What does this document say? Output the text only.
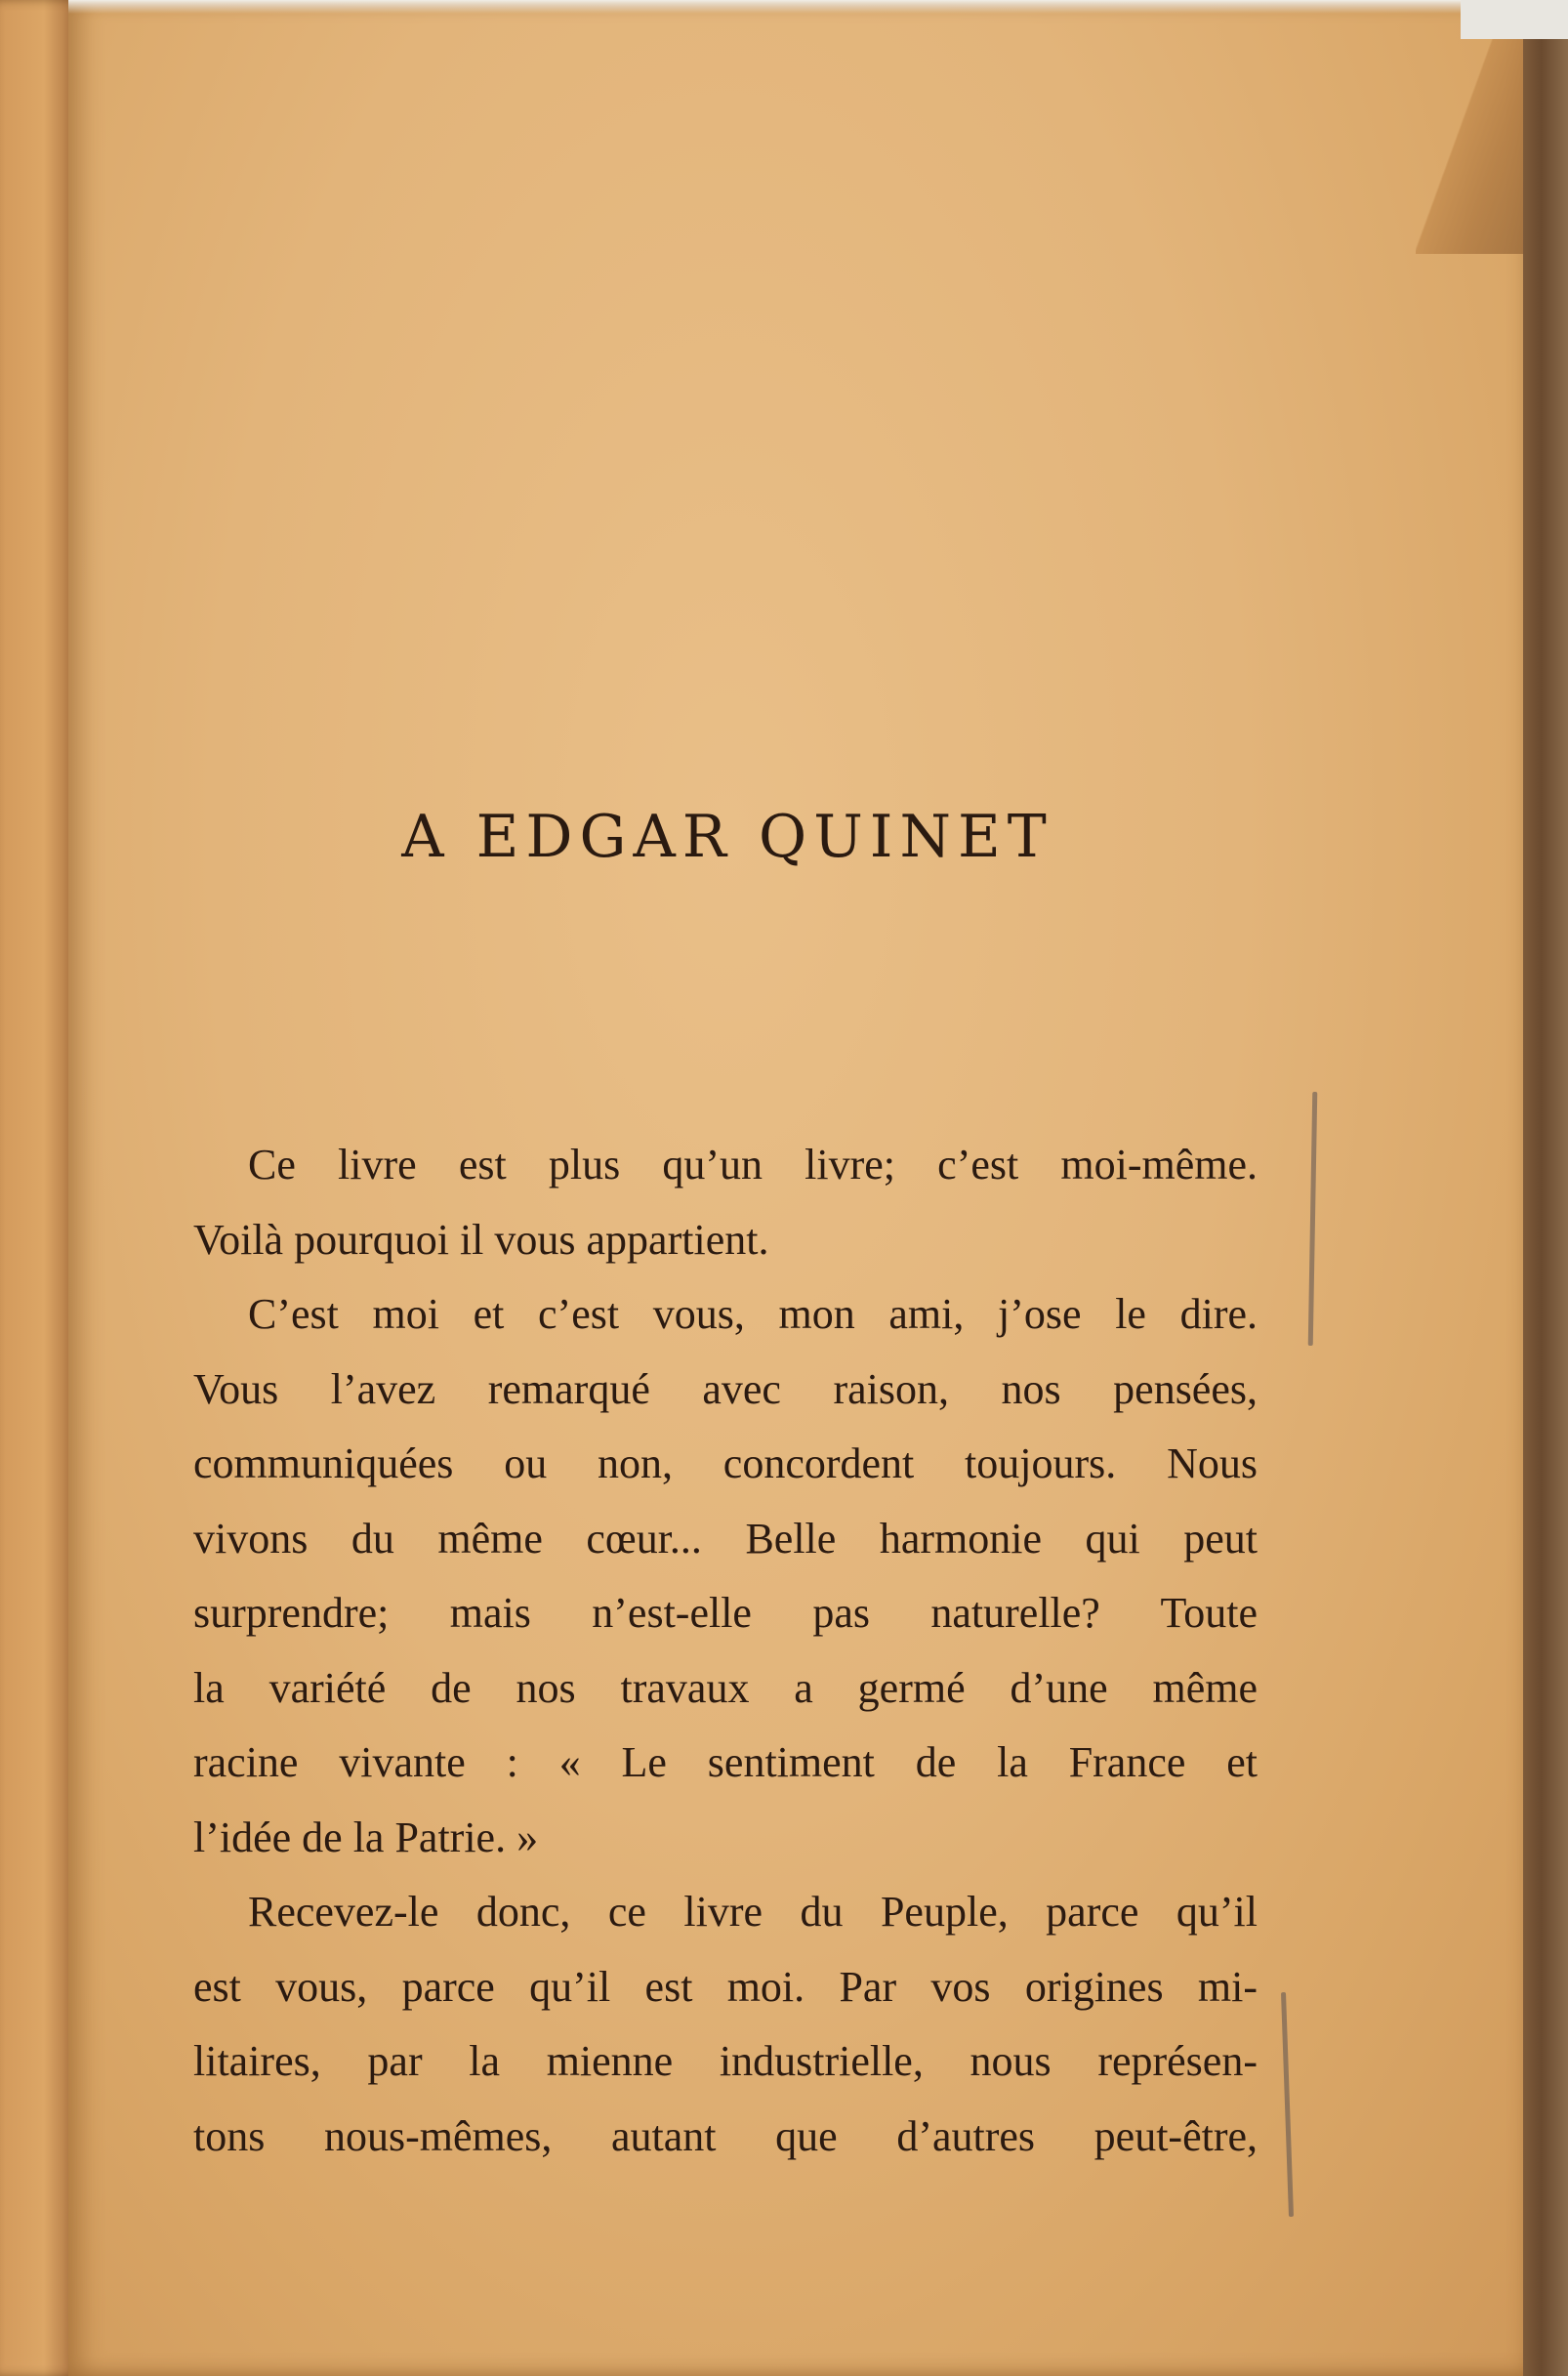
A EDGAR QUINET
Ce livre est plus qu’un livre; c’est moi-même.
Voilà pourquoi il vous appartient.
C’est moi et c’est vous, mon ami, j’ose le dire.
Vous l’avez remarqué avec raison, nos pensées,
communiquées ou non, concordent toujours. Nous
vivons du même cœur... Belle harmonie qui peut
surprendre; mais n’est-elle pas naturelle? Toute
la variété de nos travaux a germé d’une même
racine vivante : « Le sentiment de la France et
l’idée de la Patrie. »
Recevez-le donc, ce livre du Peuple, parce qu’il
est vous, parce qu’il est moi. Par vos origines mi-
litaires, par la mienne industrielle, nous représen-
tons nous-mêmes, autant que d’autres peut-être,
